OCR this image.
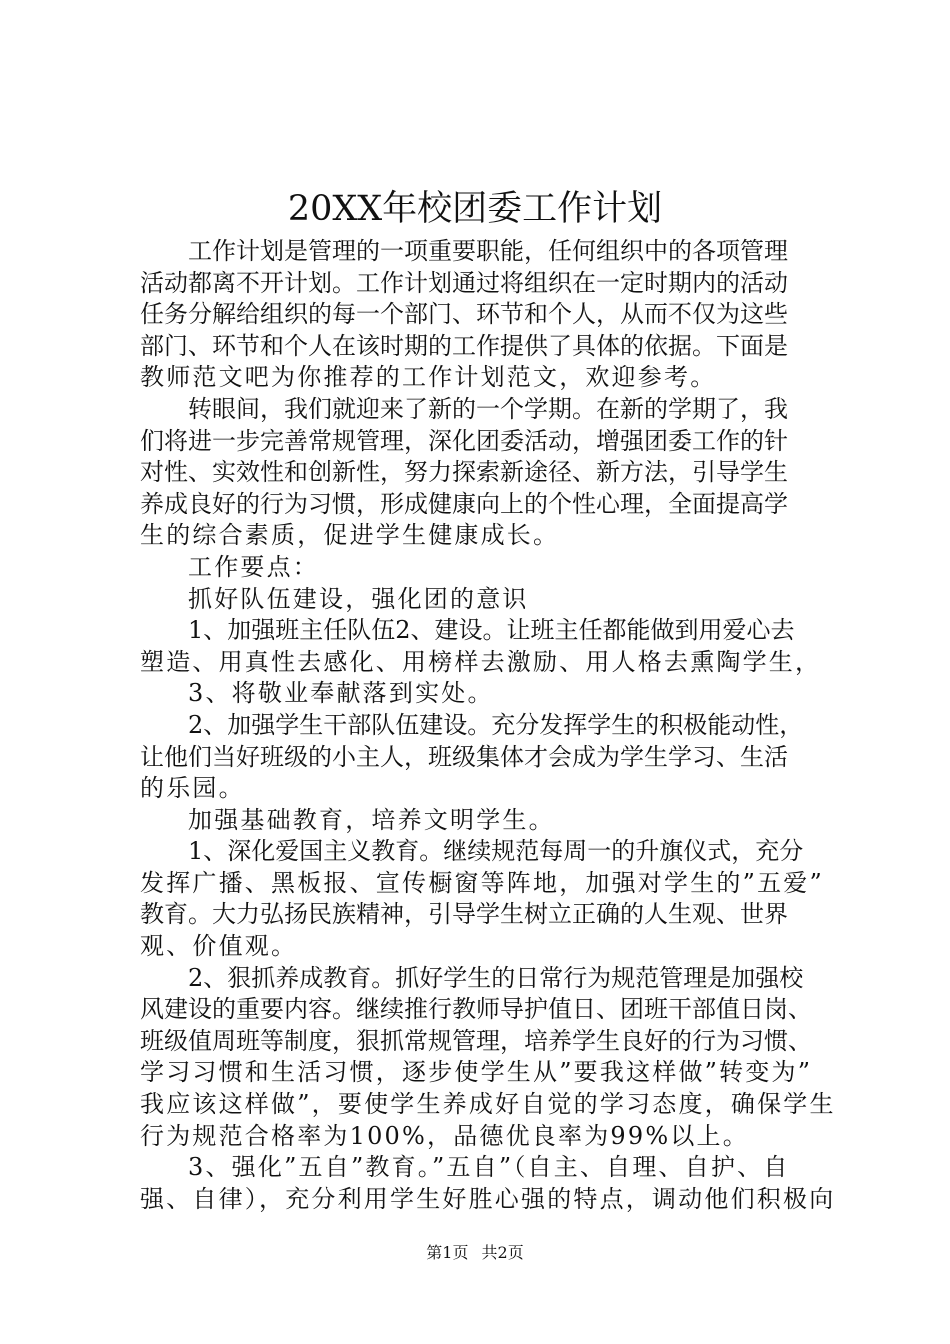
20XX年校团委工作计划
工作计划是管理的一项重要职能，任何组织中的各项管理
活动都离不开计划。工作计划通过将组织在一定时期内的活动
任务分解给组织的每一个部门、环节和个人，从而不仅为这些
部门、环节和个人在该时期的工作提供了具体的依据。下面是
教师范文吧为你推荐的工作计划范文，欢迎参考。
转眼间，我们就迎来了新的一个学期。在新的学期了，我
们将进一步完善常规管理，深化团委活动，增强团委工作的针
对性、实效性和创新性，努力探索新途径、新方法，引导学生
养成良好的行为习惯，形成健康向上的个性心理，全面提高学
生的综合素质，促进学生健康成长。
工作要点：
抓好队伍建设，强化团的意识
1、加强班主任队伍2、建设。让班主任都能做到用爱心去
塑造、用真性去感化、用榜样去激励、用人格去熏陶学生，
3、将敬业奉献落到实处。
2、加强学生干部队伍建设。充分发挥学生的积极能动性，
让他们当好班级的小主人，班级集体才会成为学生学习、生活
的乐园。
加强基础教育，培养文明学生。
1、深化爱国主义教育。继续规范每周一的升旗仪式，充分
发挥广播、黑板报、宣传橱窗等阵地，加强对学生的”五爱”
教育。大力弘扬民族精神，引导学生树立正确的人生观、世界
观、价值观。
2、狠抓养成教育。抓好学生的日常行为规范管理是加强校
风建设的重要内容。继续推行教师导护值日、团班干部值日岗、
班级值周班等制度，狠抓常规管理，培养学生良好的行为习惯、
学习习惯和生活习惯，逐步使学生从”要我这样做”转变为”
我应该这样做”，要使学生养成好自觉的学习态度，确保学生
行为规范合格率为100%，品德优良率为99%以上。
3、强化”五自”教育。”五自”（自主、自理、自护、自
强、自律），充分利用学生好胜心强的特点，调动他们积极向
第1页 共2页
